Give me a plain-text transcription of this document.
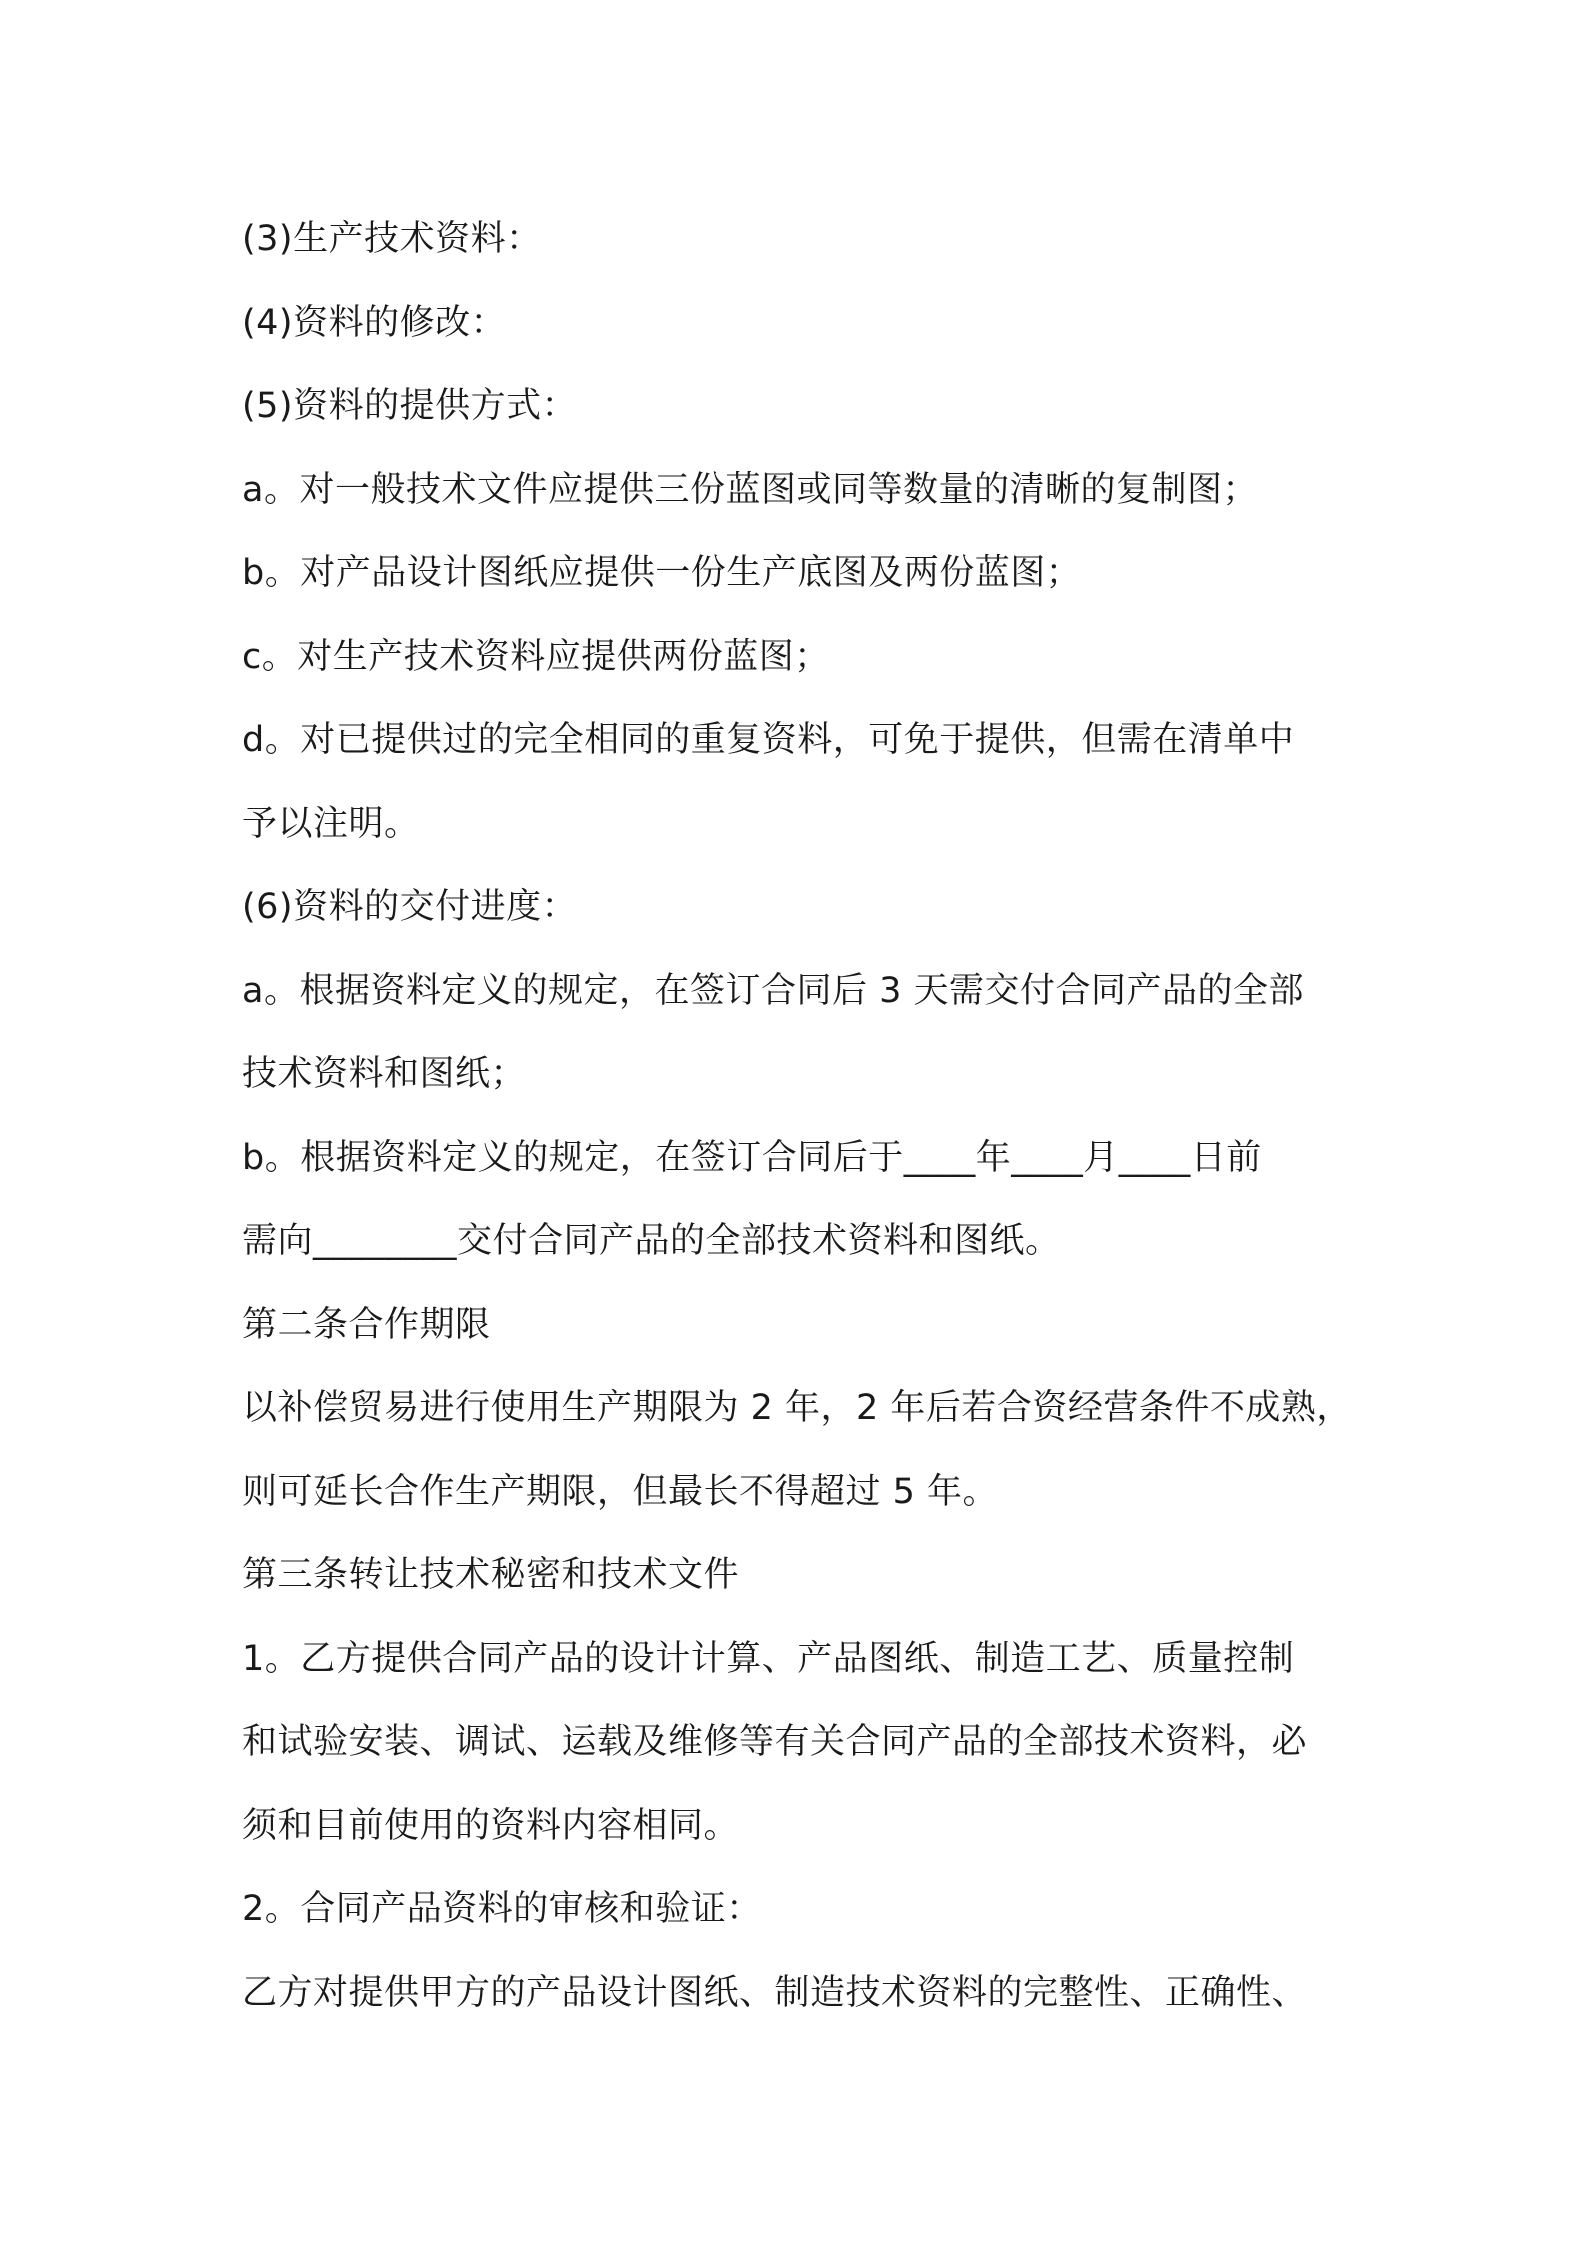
(3)生产技术资料：
(4)资料的修改：
(5)资料的提供方式：
a。对一般技术文件应提供三份蓝图或同等数量的清晰的复制图；
b。对产品设计图纸应提供一份生产底图及两份蓝图；
c。对生产技术资料应提供两份蓝图；
d。对已提供过的完全相同的重复资料，可免于提供，但需在清单中
予以注明。
(6)资料的交付进度：
a。根据资料定义的规定，在签订合同后 3 天需交付合同产品的全部
技术资料和图纸；
b。根据资料定义的规定，在签订合同后于____年____月____日前
需向________交付合同产品的全部技术资料和图纸。
第二条合作期限
以补偿贸易进行使用生产期限为 2 年，2 年后若合资经营条件不成熟，
则可延长合作生产期限，但最长不得超过 5 年。
第三条转让技术秘密和技术文件
1。乙方提供合同产品的设计计算、产品图纸、制造工艺、质量控制
和试验安装、调试、运载及维修等有关合同产品的全部技术资料，必
须和目前使用的资料内容相同。
2。合同产品资料的审核和验证：
乙方对提供甲方的产品设计图纸、制造技术资料的完整性、正确性、
